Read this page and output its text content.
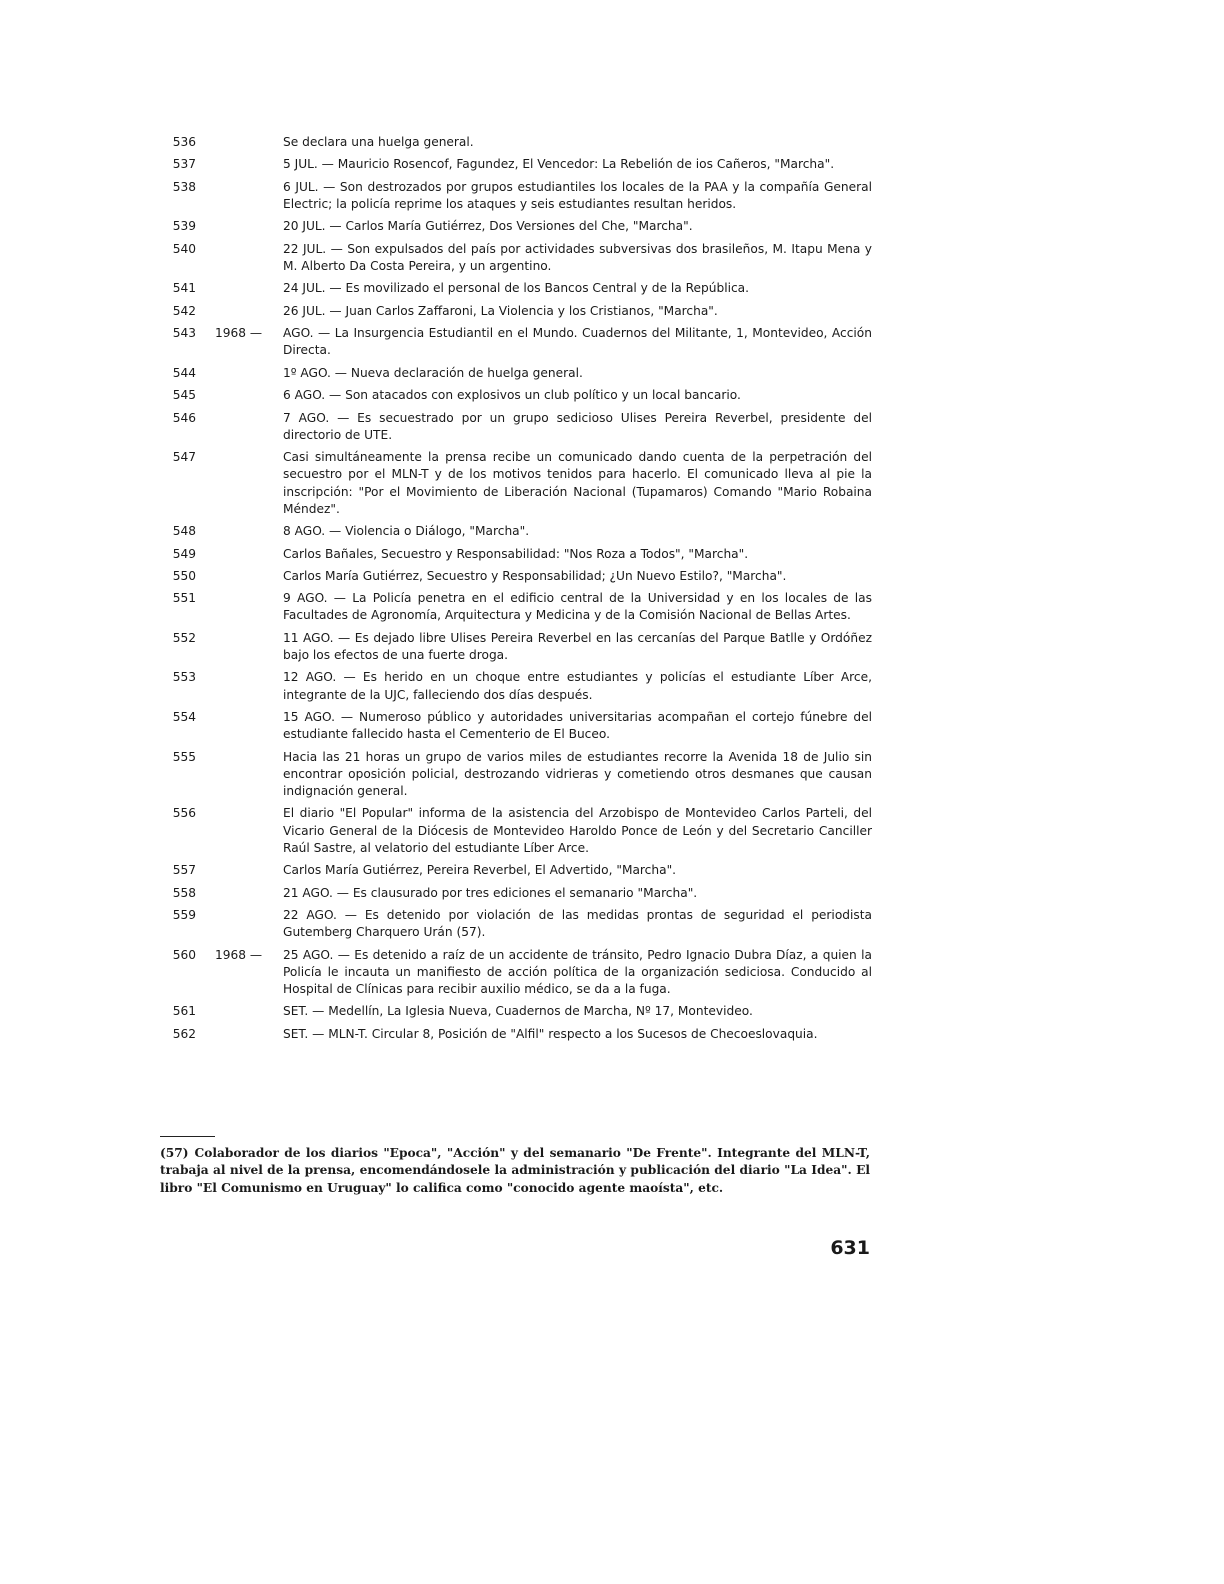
536	Se declara una huelga general.
537	5 JUL. — Mauricio Rosencof, Fagundez, El Vencedor: La Rebelión de ios Cañeros, "Marcha".
538	6 JUL. — Son destrozados por grupos estudiantiles los locales de la PAA y la compañía General Electric; la policía reprime los ataques y seis estudiantes resultan heridos.
539	20 JUL. — Carlos María Gutiérrez, Dos Versiones del Che, "Marcha".
540	22 JUL. — Son expulsados del país por actividades subversivas dos brasileños, M. Itapu Mena y M. Alberto Da Costa Pereira, y un argentino.
541	24 JUL. — Es movilizado el personal de los Bancos Central y de la República.
542	26 JUL. — Juan Carlos Zaffaroni, La Violencia y los Cristianos, "Marcha".
543	1968 —	AGO. — La Insurgencia Estudiantil en el Mundo. Cuadernos del Militante, 1, Montevideo, Acción Directa.
544	1º AGO. — Nueva declaración de huelga general.
545	6 AGO. — Son atacados con explosivos un club político y un local bancario.
546	7 AGO. — Es secuestrado por un grupo sedicioso Ulises Pereira Reverbel, presidente del directorio de UTE.
547	Casi simultáneamente la prensa recibe un comunicado dando cuenta de la perpetración del secuestro por el MLN-T y de los motivos tenidos para hacerlo. El comunicado lleva al pie la inscripción: "Por el Movimiento de Liberación Nacional (Tupamaros) Comando "Mario Robaina Méndez".
548	8 AGO. — Violencia o Diálogo, "Marcha".
549	Carlos Bañales, Secuestro y Responsabilidad: "Nos Roza a Todos", "Marcha".
550	Carlos María Gutiérrez, Secuestro y Responsabilidad; ¿Un Nuevo Estilo?, "Marcha".
551	9 AGO. — La Policía penetra en el edificio central de la Universidad y en los locales de las Facultades de Agronomía, Arquitectura y Medicina y de la Comisión Nacional de Bellas Artes.
552	11 AGO. — Es dejado libre Ulises Pereira Reverbel en las cercanías del Parque Batlle y Ordóñez bajo los efectos de una fuerte droga.
553	12 AGO. — Es herido en un choque entre estudiantes y policías el estudiante Líber Arce, integrante de la UJC, falleciendo dos días después.
554	15 AGO. — Numeroso público y autoridades universitarias acompañan el cortejo fúnebre del estudiante fallecido hasta el Cementerio de El Buceo.
555	Hacia las 21 horas un grupo de varios miles de estudiantes recorre la Avenida 18 de Julio sin encontrar oposición policial, destrozando vidrieras y cometiendo otros desmanes que causan indignación general.
556	El diario "El Popular" informa de la asistencia del Arzobispo de Montevideo Carlos Parteli, del Vicario General de la Diócesis de Montevideo Haroldo Ponce de León y del Secretario Canciller Raúl Sastre, al velatorio del estudiante Líber Arce.
557	Carlos María Gutiérrez, Pereira Reverbel, El Advertido, "Marcha".
558	21 AGO. — Es clausurado por tres ediciones el semanario "Marcha".
559	22 AGO. — Es detenido por violación de las medidas prontas de seguridad el periodista Gutemberg Charquero Urán (57).
560	1968 —	25 AGO. — Es detenido a raíz de un accidente de tránsito, Pedro Ignacio Dubra Díaz, a quien la Policía le incauta un manifiesto de acción política de la organización sediciosa. Conducido al Hospital de Clínicas para recibir auxilio médico, se da a la fuga.
561	SET. — Medellín, La Iglesia Nueva, Cuadernos de Marcha, Nº 17, Montevideo.
562	SET. — MLN-T. Circular 8, Posición de "Alfil" respecto a los Sucesos de Checoeslovaquia.
(57) Colaborador de los diarios "Epoca", "Acción" y del semanario "De Frente". Integrante del MLN-T, trabaja al nivel de la prensa, encomendándosele la administración y publicación del diario "La Idea". El libro "El Comunismo en Uruguay" lo califica como "conocido agente maoísta", etc.
631
